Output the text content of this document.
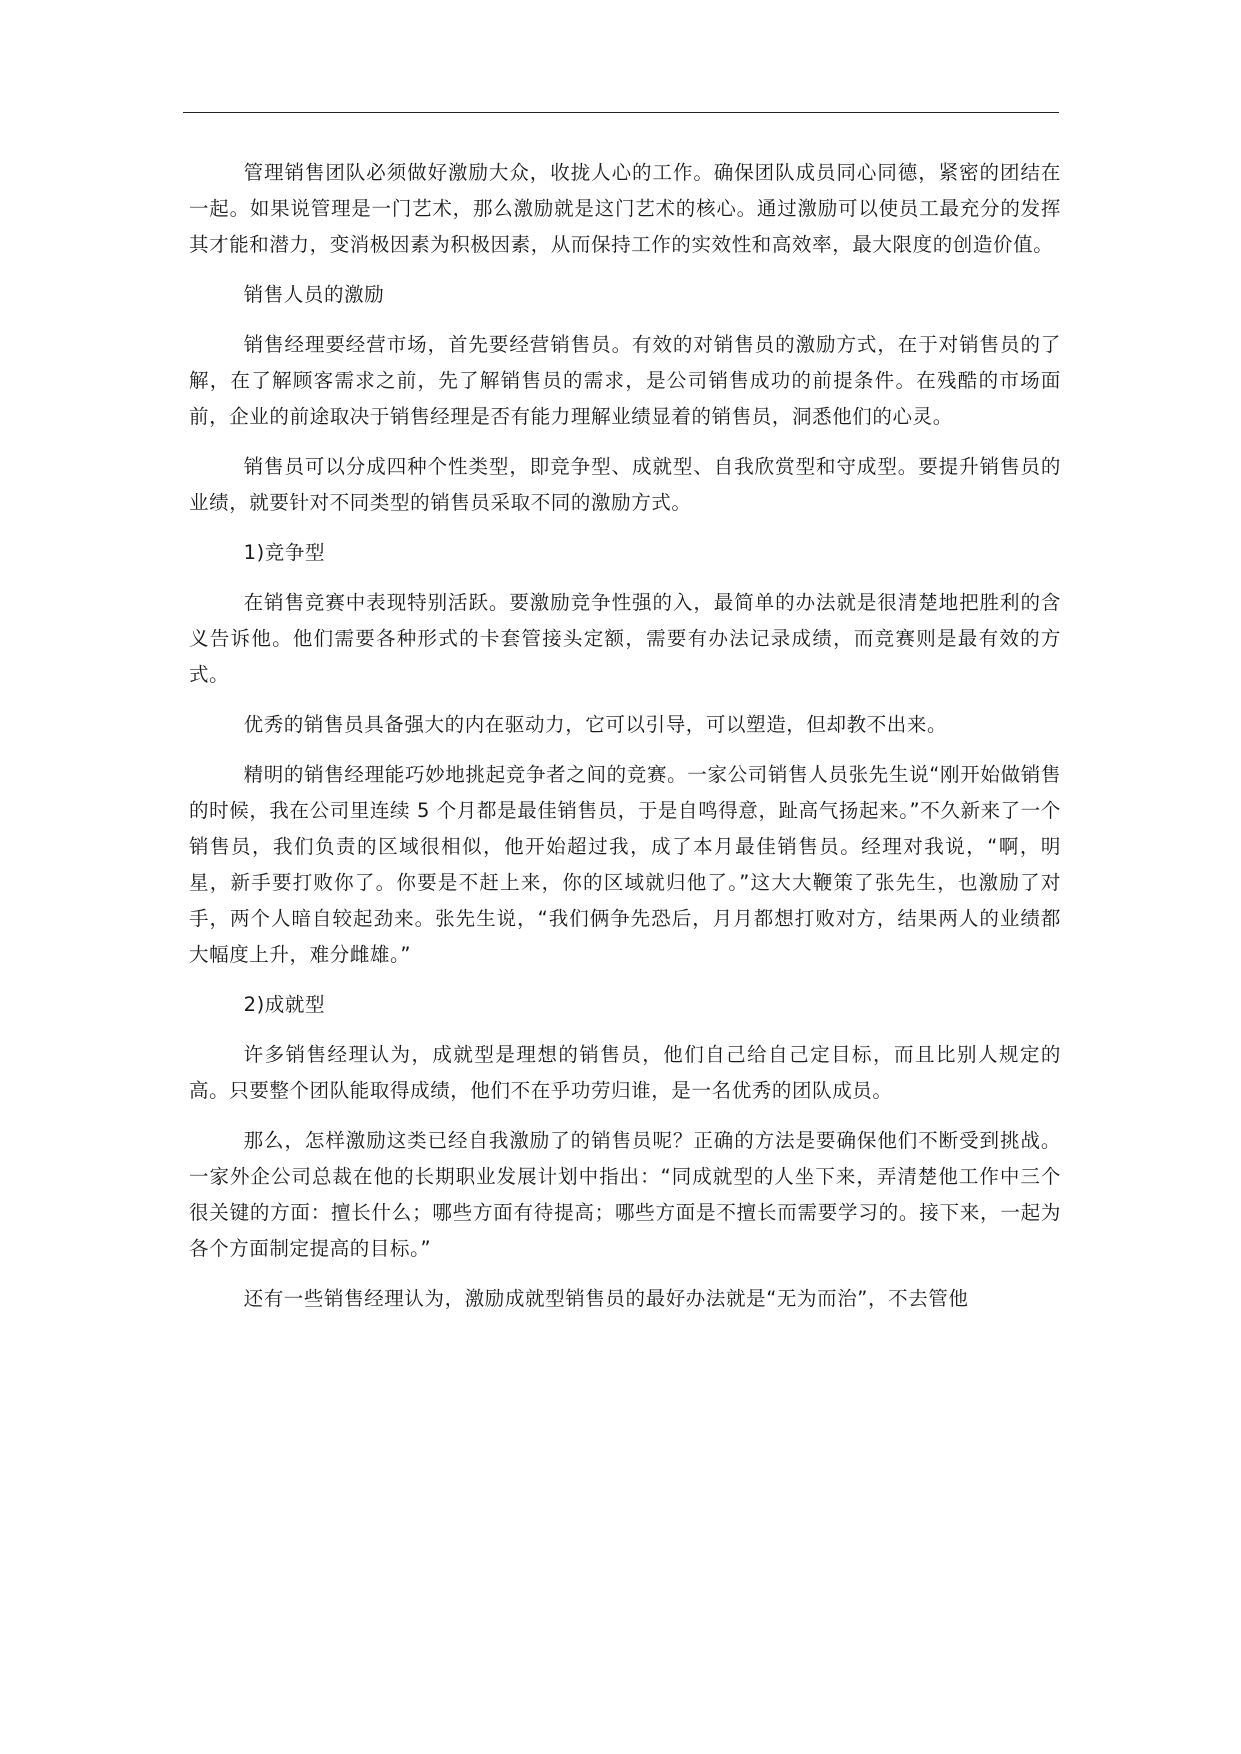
管理销售团队必须做好激励大众，收拢人心的工作。确保团队成员同心同德，紧密的团结在一起。如果说管理是一门艺术，那么激励就是这门艺术的核心。通过激励可以使员工最充分的发挥其才能和潜力，变消极因素为积极因素，从而保持工作的实效性和高效率，最大限度的创造价值。

销售人员的激励

销售经理要经营市场，首先要经营销售员。有效的对销售员的激励方式，在于对销售员的了解，在了解顾客需求之前，先了解销售员的需求，是公司销售成功的前提条件。在残酷的市场面前，企业的前途取决于销售经理是否有能力理解业绩显着的销售员，洞悉他们的心灵。

销售员可以分成四种个性类型，即竞争型、成就型、自我欣赏型和守成型。要提升销售员的业绩，就要针对不同类型的销售员采取不同的激励方式。

1)竞争型

在销售竞赛中表现特别活跃。要激励竞争性强的入，最简单的办法就是很清楚地把胜利的含义告诉他。他们需要各种形式的卡套管接头定额，需要有办法记录成绩，而竞赛则是最有效的方式。

优秀的销售员具备强大的内在驱动力，它可以引导，可以塑造，但却教不出来。

精明的销售经理能巧妙地挑起竞争者之间的竞赛。一家公司销售人员张先生说“刚开始做销售的时候，我在公司里连续 5 个月都是最佳销售员，于是自鸣得意，趾高气扬起来。”不久新来了一个销售员，我们负责的区域很相似，他开始超过我，成了本月最佳销售员。经理对我说，“啊，明星，新手要打败你了。你要是不赶上来，你的区域就归他了。”这大大鞭策了张先生，也激励了对手，两个人暗自较起劲来。张先生说，“我们俩争先恐后，月月都想打败对方，结果两人的业绩都大幅度上升，难分雌雄。”

2)成就型

许多销售经理认为，成就型是理想的销售员，他们自己给自己定目标，而且比别人规定的高。只要整个团队能取得成绩，他们不在乎功劳归谁，是一名优秀的团队成员。

那么，怎样激励这类已经自我激励了的销售员呢？正确的方法是要确保他们不断受到挑战。一家外企公司总裁在他的长期职业发展计划中指出：“同成就型的人坐下来，弄清楚他工作中三个很关键的方面：擅长什么；哪些方面有待提高；哪些方面是不擅长而需要学习的。接下来，一起为各个方面制定提高的目标。”

还有一些销售经理认为，激励成就型销售员的最好办法就是“无为而治”，不去管他
